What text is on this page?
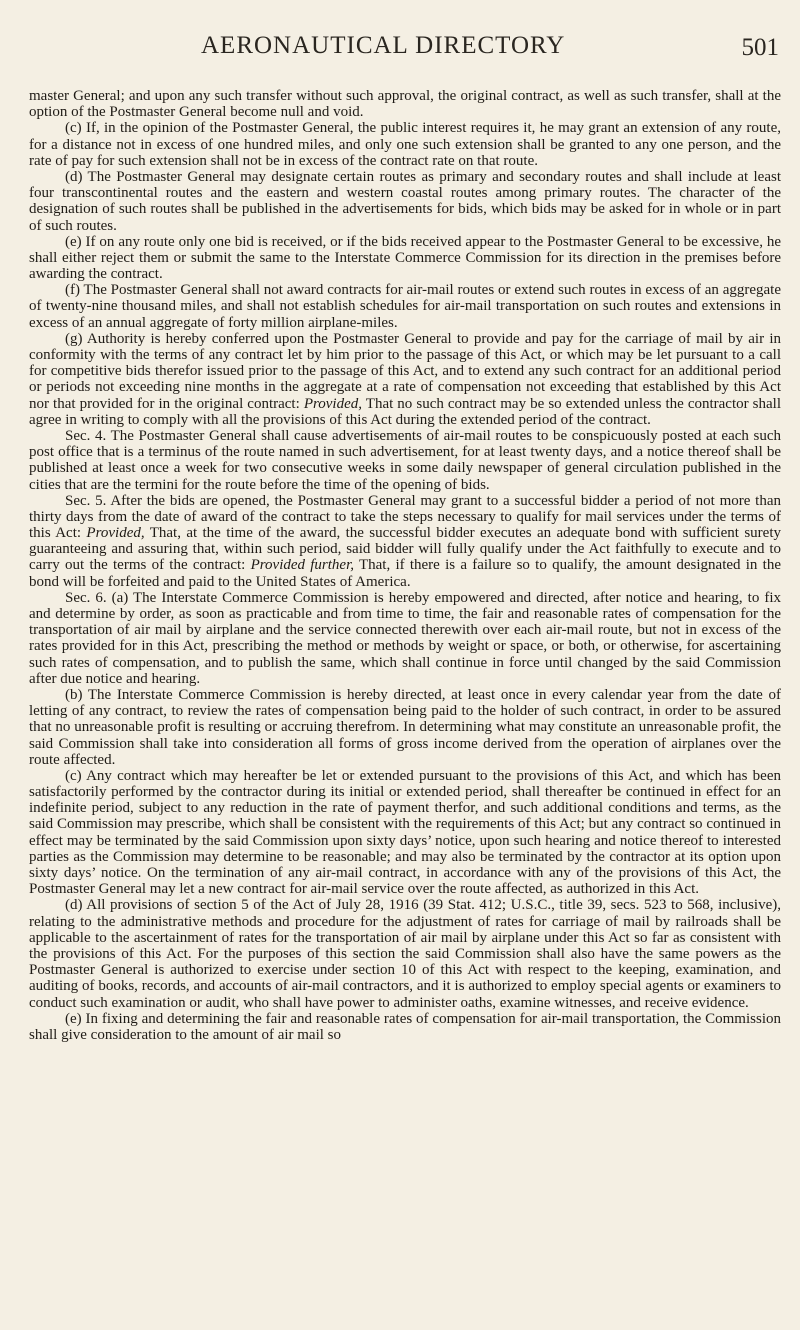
AERONAUTICAL DIRECTORY	501

master General; and upon any such transfer without such approval, the original contract, as well as such transfer, shall at the option of the Postmaster General become null and void.

(c) If, in the opinion of the Postmaster General, the public interest requires it, he may grant an extension of any route, for a distance not in excess of one hundred miles, and only one such extension shall be granted to any one person, and the rate of pay for such extension shall not be in excess of the contract rate on that route.

(d) The Postmaster General may designate certain routes as primary and secondary routes and shall include at least four transcontinental routes and the eastern and western coastal routes among primary routes. The character of the designation of such routes shall be published in the advertisements for bids, which bids may be asked for in whole or in part of such routes.

(e) If on any route only one bid is received, or if the bids received appear to the Postmaster General to be excessive, he shall either reject them or submit the same to the Interstate Commerce Commission for its direction in the premises before awarding the contract.

(f) The Postmaster General shall not award contracts for air-mail routes or extend such routes in excess of an aggregate of twenty-nine thousand miles, and shall not establish schedules for air-mail transportation on such routes and extensions in excess of an annual aggregate of forty million airplane-miles.

(g) Authority is hereby conferred upon the Postmaster General to provide and pay for the carriage of mail by air in conformity with the terms of any contract let by him prior to the passage of this Act, or which may be let pursuant to a call for competitive bids therefor issued prior to the passage of this Act, and to extend any such contract for an additional period or periods not exceeding nine months in the aggregate at a rate of compensation not exceeding that established by this Act nor that provided for in the original contract: Provided, That no such contract may be so extended unless the contractor shall agree in writing to comply with all the provisions of this Act during the extended period of the contract.

Sec. 4. The Postmaster General shall cause advertisements of air-mail routes to be conspicuously posted at each such post office that is a terminus of the route named in such advertisement, for at least twenty days, and a notice thereof shall be published at least once a week for two consecutive weeks in some daily newspaper of general circulation published in the cities that are the termini for the route before the time of the opening of bids.

Sec. 5. After the bids are opened, the Postmaster General may grant to a successful bidder a period of not more than thirty days from the date of award of the contract to take the steps necessary to qualify for mail services under the terms of this Act: Provided, That, at the time of the award, the successful bidder executes an adequate bond with sufficient surety guaranteeing and assuring that, within such period, said bidder will fully qualify under the Act faithfully to execute and to carry out the terms of the contract: Provided further, That, if there is a failure so to qualify, the amount designated in the bond will be forfeited and paid to the United States of America.

Sec. 6. (a) The Interstate Commerce Commission is hereby empowered and directed, after notice and hearing, to fix and determine by order, as soon as practicable and from time to time, the fair and reasonable rates of compensation for the transportation of air mail by airplane and the service connected therewith over each air-mail route, but not in excess of the rates provided for in this Act, prescribing the method or methods by weight or space, or both, or otherwise, for ascertaining such rates of compensation, and to publish the same, which shall continue in force until changed by the said Commission after due notice and hearing.

(b) The Interstate Commerce Commission is hereby directed, at least once in every calendar year from the date of letting of any contract, to review the rates of compensation being paid to the holder of such contract, in order to be assured that no unreasonable profit is resulting or accruing therefrom. In determining what may constitute an unreasonable profit, the said Commission shall take into consideration all forms of gross income derived from the operation of airplanes over the route affected.

(c) Any contract which may hereafter be let or extended pursuant to the provisions of this Act, and which has been satisfactorily performed by the contractor during its initial or extended period, shall thereafter be continued in effect for an indefinite period, subject to any reduction in the rate of payment therfor, and such additional conditions and terms, as the said Commission may prescribe, which shall be consistent with the requirements of this Act; but any contract so continued in effect may be terminated by the said Commission upon sixty days’ notice, upon such hearing and notice thereof to interested parties as the Commission may determine to be reasonable; and may also be terminated by the contractor at its option upon sixty days’ notice. On the termination of any air-mail contract, in accordance with any of the provisions of this Act, the Postmaster General may let a new contract for air-mail service over the route affected, as authorized in this Act.

(d) All provisions of section 5 of the Act of July 28, 1916 (39 Stat. 412; U.S.C., title 39, secs. 523 to 568, inclusive), relating to the administrative methods and procedure for the adjustment of rates for carriage of mail by railroads shall be applicable to the ascertainment of rates for the transportation of air mail by airplane under this Act so far as consistent with the provisions of this Act. For the purposes of this section the said Commission shall also have the same powers as the Postmaster General is authorized to exercise under section 10 of this Act with respect to the keeping, examination, and auditing of books, records, and accounts of air-mail contractors, and it is authorized to employ special agents or examiners to conduct such examination or audit, who shall have power to administer oaths, examine witnesses, and receive evidence.

(e) In fixing and determining the fair and reasonable rates of compensation for air-mail transportation, the Commission shall give consideration to the amount of air mail so
